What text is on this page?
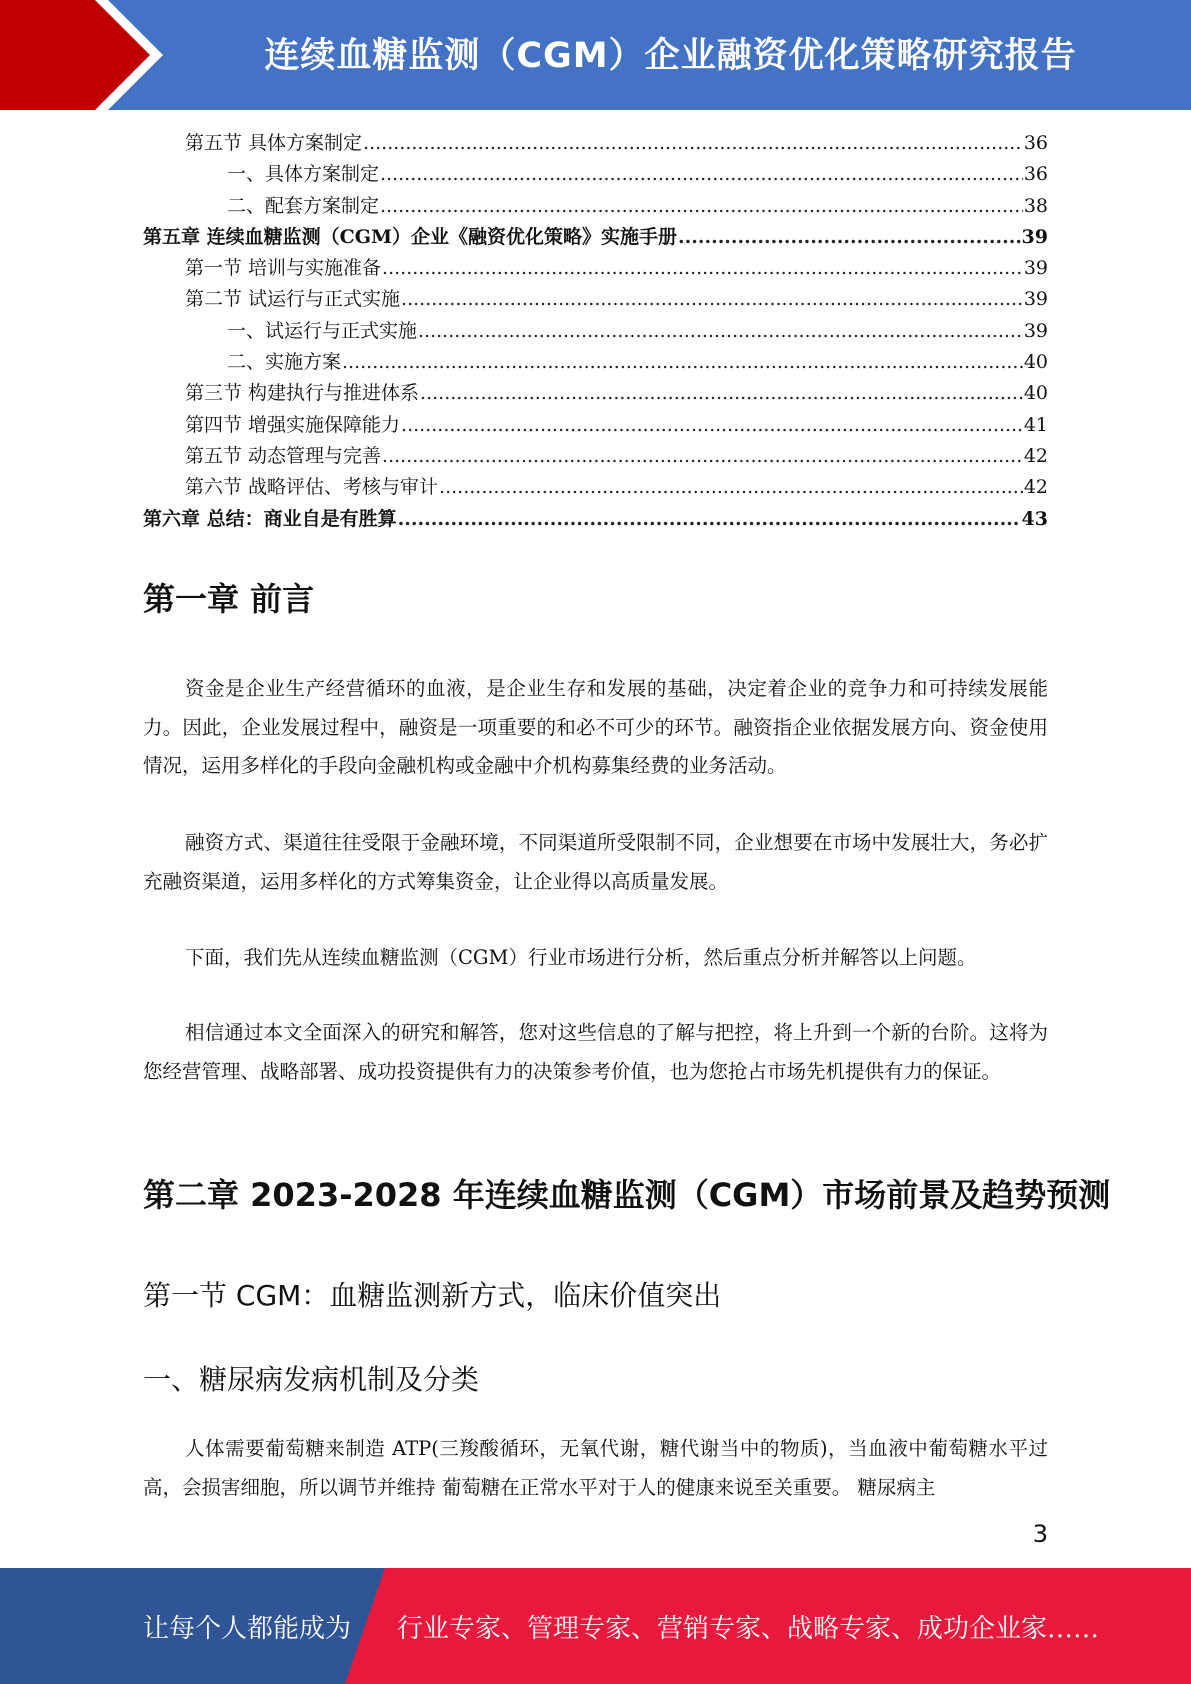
连续血糖监测（CGM）企业融资优化策略研究报告
第五节 具体方案制定 .....	36
一、具体方案制定 .....	36
二、配套方案制定 .....	38
第五章 连续血糖监测（CGM）企业《融资优化策略》实施手册 .....	39
第一节 培训与实施准备 .....	39
第二节 试运行与正式实施 .....	39
一、试运行与正式实施 .....	39
二、实施方案 .....	40
第三节 构建执行与推进体系 .....	40
第四节 增强实施保障能力 .....	41
第五节 动态管理与完善 .....	42
第六节 战略评估、考核与审计 .....	42
第六章 总结：商业自是有胜算 .....	43
第一章 前言

资金是企业生产经营循环的血液，是企业生存和发展的基础，决定着企业的竞争力和可持续发展能力。因此，企业发展过程中，融资是一项重要的和必不可少的环节。融资指企业依据发展方向、资金使用情况，运用多样化的手段向金融机构或金融中介机构募集经费的业务活动。

融资方式、渠道往往受限于金融环境，不同渠道所受限制不同，企业想要在市场中发展壮大，务必扩充融资渠道，运用多样化的方式筹集资金，让企业得以高质量发展。

下面，我们先从连续血糖监测（CGM）行业市场进行分析，然后重点分析并解答以上问题。

相信通过本文全面深入的研究和解答，您对这些信息的了解与把控，将上升到一个新的台阶。这将为您经营管理、战略部署、成功投资提供有力的决策参考价值，也为您抢占市场先机提供有力的保证。

第二章 2023-2028 年连续血糖监测（CGM）市场前景及趋势预测
第一节 CGM：血糖监测新方式，临床价值突出
一、糖尿病发病机制及分类

人体需要葡萄糖来制造 ATP(三羧酸循环，无氧代谢，糖代谢当中的物质)，当血液中葡萄糖水平过高，会损害细胞，所以调节并维持 葡萄糖在正常水平对于人的健康来说至关重要。 糖尿病主

3
让每个人都能成为 行业专家、管理专家、营销专家、战略专家、成功企业家……
